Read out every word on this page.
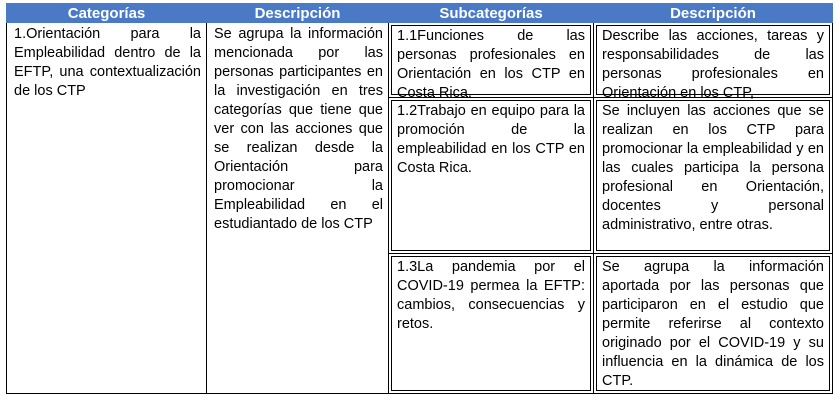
Categorías	Descripción	Subcategorías	Descripción
1.Orientación para la Empleabilidad dentro de la EFTP, una contextualización de los CTP	Se agrupa la información mencionada por las personas participantes en la investigación en tres categorías que tiene que ver con las acciones que se realizan desde la Orientación para promocionar la Empleabilidad en el estudiantado de los CTP	1.1Funciones de las personas profesionales en Orientación en los CTP en Costa Rica.	Describe las acciones, tareas y responsabilidades de las personas profesionales en Orientación en los CTP,

		1.2Trabajo en equipo para la promoción de la empleabilidad en los CTP en Costa Rica.	Se incluyen las acciones que se realizan en los CTP para promocionar la empleabilidad y en las cuales participa la persona profesional en Orientación, docentes y personal administrativo, entre otras.

		1.3La pandemia por el COVID-19 permea la EFTP: cambios, consecuencias y retos.	Se agrupa la información aportada por las personas que participaron en el estudio que permite referirse al contexto originado por el COVID-19 y su influencia en la dinámica de los CTP.
